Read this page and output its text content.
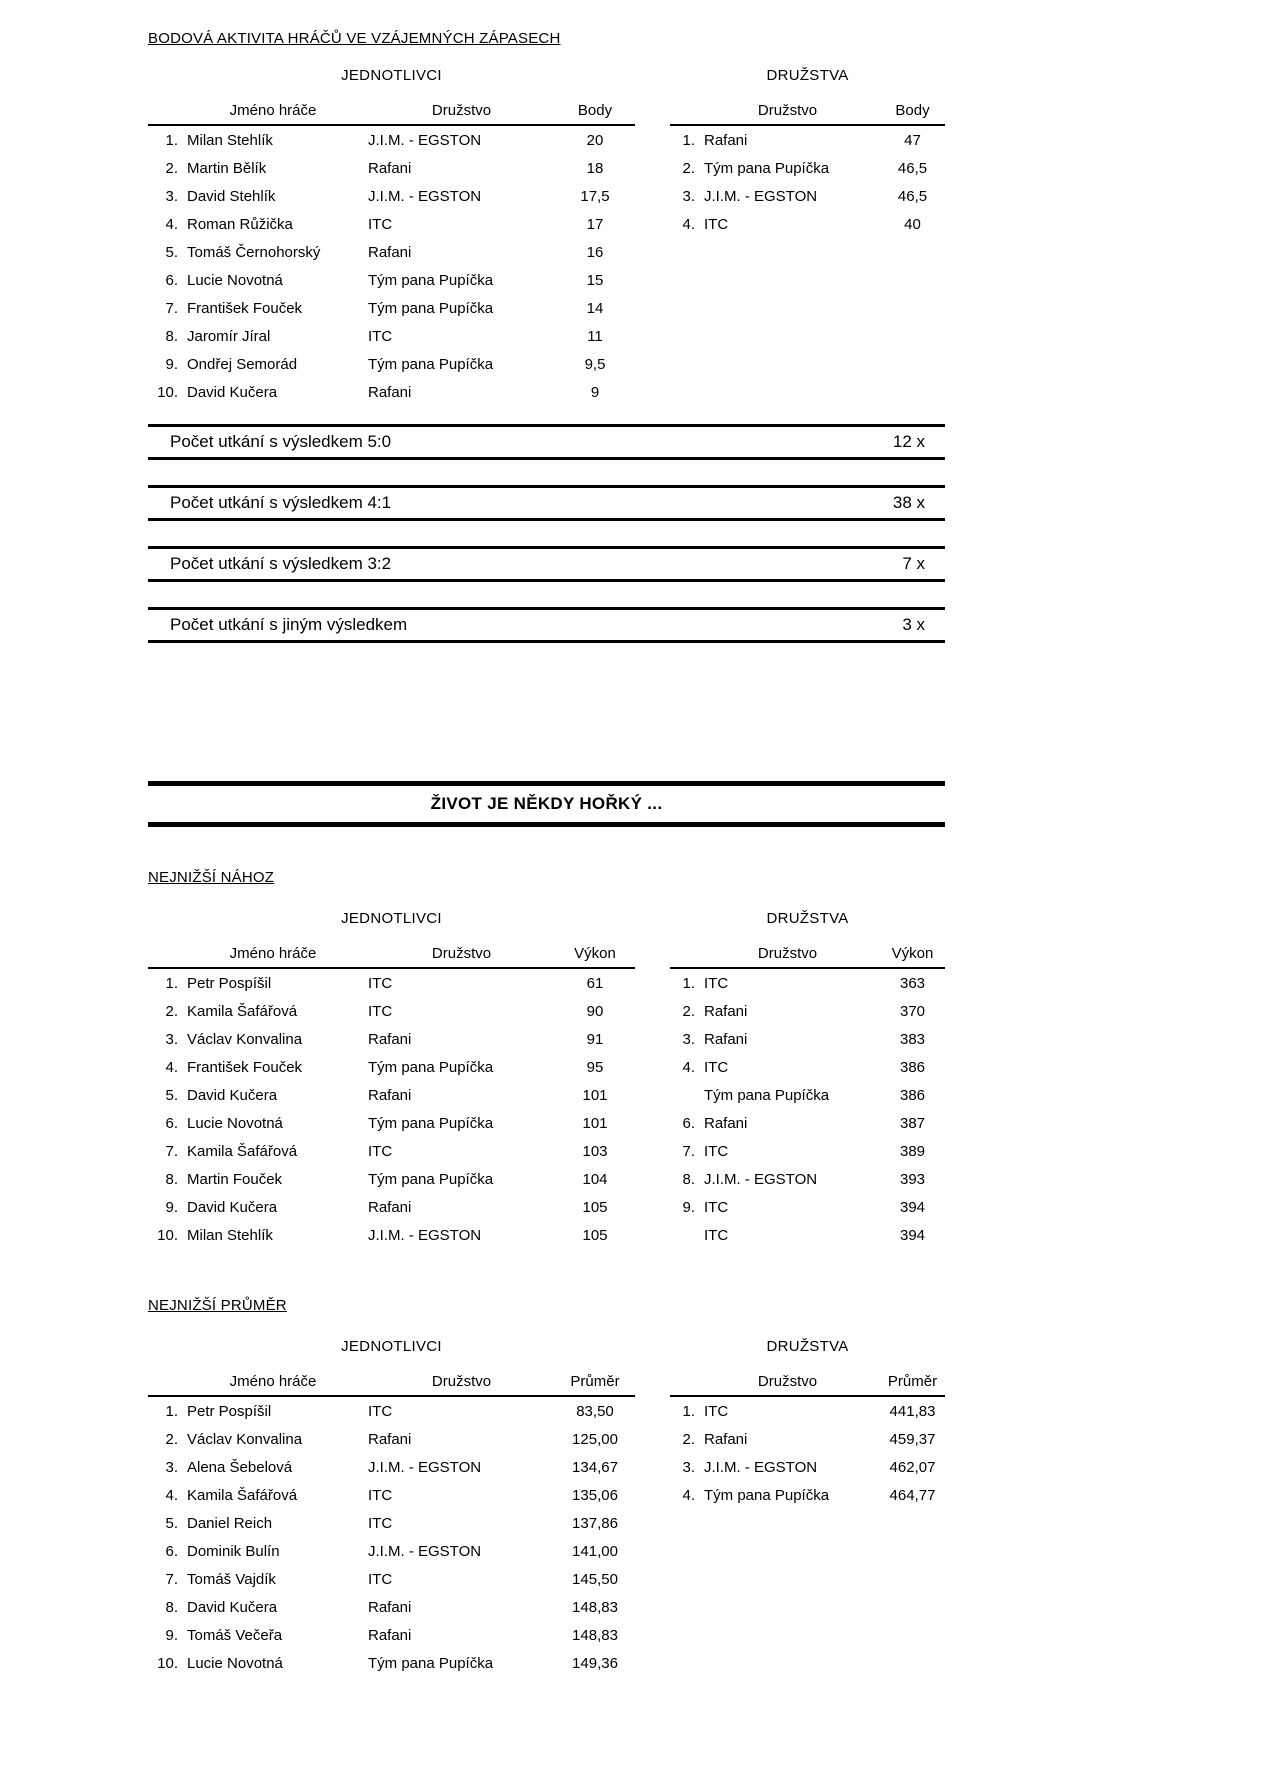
BODOVÁ AKTIVITA HRÁČŮ VE VZÁJEMNÝCH ZÁPASECH
JEDNOTLIVCI
Jméno hráče	Družstvo	Body
1. Milan Stehlík	J.I.M. - EGSTON	20
2. Martin Bělík	Rafani	18
3. David Stehlík	J.I.M. - EGSTON	17,5
4. Roman Růžička	ITC	17
5. Tomáš Černohorský	Rafani	16
6. Lucie Novotná	Tým pana Pupíčka	15
7. František Fouček	Tým pana Pupíčka	14
8. Jaromír Jíral	ITC	11
9. Ondřej Semorád	Tým pana Pupíčka	9,5
10. David Kučera	Rafani	9
DRUŽSTVA
Družstvo	Body
1. Rafani	47
2. Tým pana Pupíčka	46,5
3. J.I.M. - EGSTON	46,5
4. ITC	40
Počet utkání s výsledkem 5:0	12 x
Počet utkání s výsledkem 4:1	38 x
Počet utkání s výsledkem 3:2	7 x
Počet utkání s jiným výsledkem	3 x
ŽIVOT JE NĚKDY HOŘKÝ ...
NEJNIŽŠÍ NÁHOZ
JEDNOTLIVCI
Jméno hráče	Družstvo	Výkon
1. Petr Pospíšil	ITC	61
2. Kamila Šafářová	ITC	90
3. Václav Konvalina	Rafani	91
4. František Fouček	Tým pana Pupíčka	95
5. David Kučera	Rafani	101
6. Lucie Novotná	Tým pana Pupíčka	101
7. Kamila Šafářová	ITC	103
8. Martin Fouček	Tým pana Pupíčka	104
9. David Kučera	Rafani	105
10. Milan Stehlík	J.I.M. - EGSTON	105
DRUŽSTVA
Družstvo	Výkon
1. ITC	363
2. Rafani	370
3. Rafani	383
4. ITC	386
Tým pana Pupíčka	386
6. Rafani	387
7. ITC	389
8. J.I.M. - EGSTON	393
9. ITC	394
ITC	394
NEJNIŽŠÍ PRŮMĚR
JEDNOTLIVCI
Jméno hráče	Družstvo	Průměr
1. Petr Pospíšil	ITC	83,50
2. Václav Konvalina	Rafani	125,00
3. Alena Šebelová	J.I.M. - EGSTON	134,67
4. Kamila Šafářová	ITC	135,06
5. Daniel Reich	ITC	137,86
6. Dominik Bulín	J.I.M. - EGSTON	141,00
7. Tomáš Vajdík	ITC	145,50
8. David Kučera	Rafani	148,83
9. Tomáš Večeřa	Rafani	148,83
10. Lucie Novotná	Tým pana Pupíčka	149,36
DRUŽSTVA
Družstvo	Průměr
1. ITC	441,83
2. Rafani	459,37
3. J.I.M. - EGSTON	462,07
4. Tým pana Pupíčka	464,77
